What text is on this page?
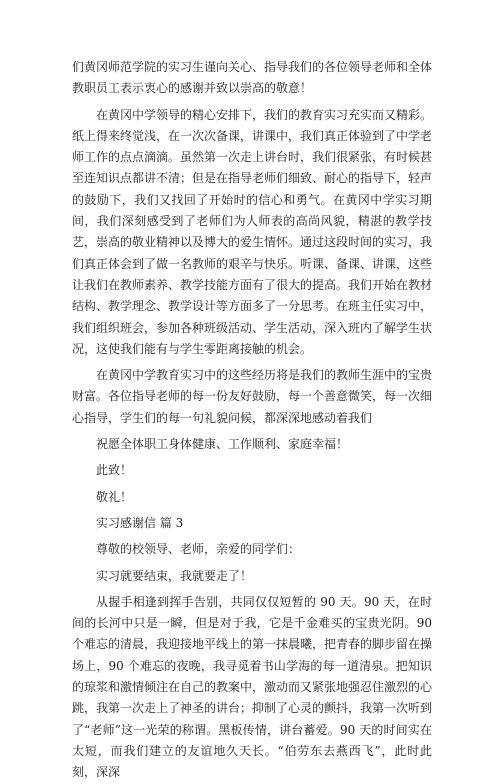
们黄冈师范学院的实习生谨向关心、指导我们的各位领导老师和全体教职员工表示衷心的感谢并致以崇高的敬意！

在黄冈中学领导的精心安排下，我们的教育实习充实而又精彩。纸上得来终觉浅，在一次次备课，讲课中，我们真正体验到了中学老师工作的点点滴滴。虽然第一次走上讲台时，我们很紧张，有时候甚至连知识点都讲不清；但是在指导老师们细致、耐心的指导下，轻声的鼓励下，我们又找回了开始时的信心和勇气。在黄冈中学实习期间，我们深刻感受到了老师们为人师表的高尚风貌，精湛的教学技艺，崇高的敬业精神以及博大的爱生情怀。通过这段时间的实习，我们真正体会到了做一名教师的艰辛与快乐。听课、备课、讲课，这些让我们在教师素养、教学技能方面有了很大的提高。我们开始在教材结构、教学理念、教学设计等方面多了一分思考。在班主任实习中，我们组织班会，参加各种班级活动、学生活动，深入班内了解学生状况，这使我们能有与学生零距离接触的机会。

在黄冈中学教育实习中的这些经历将是我们的教师生涯中的宝贵财富。各位指导老师的每一份友好鼓励，每一个善意微笑，每一次细心指导，学生们的每一句礼貌问候，都深深地感动着我们

祝愿全体职工身体健康、工作顺利、家庭幸福！

此致！

敬礼！

实习感谢信 篇 3

尊敬的校领导、老师，亲爱的同学们：

实习就要结束，我就要走了！

从握手相逢到挥手告别，共同仅仅短暂的 90 天。90 天，在时间的长河中只是一瞬，但是对于我，它是千金难买的宝贵光阴。90 个难忘的清晨，我迎接地平线上的第一抹晨曦，把青春的脚步留在操场上，90 个难忘的夜晚，我寻觅着书山学海的每一道清泉。把知识的琼浆和激情倾注在自己的教案中，激动而又紧张地强忍住激烈的心跳，我第一次走上了神圣的讲台；抑制了心灵的颤抖，我第一次听到了“老师”这一光荣的称谓。黑板传情，讲台蓄爱。90 天的时间实在太短，而我们建立的友谊地久天长。“伯劳东去燕西飞”，此时此刻，深深
